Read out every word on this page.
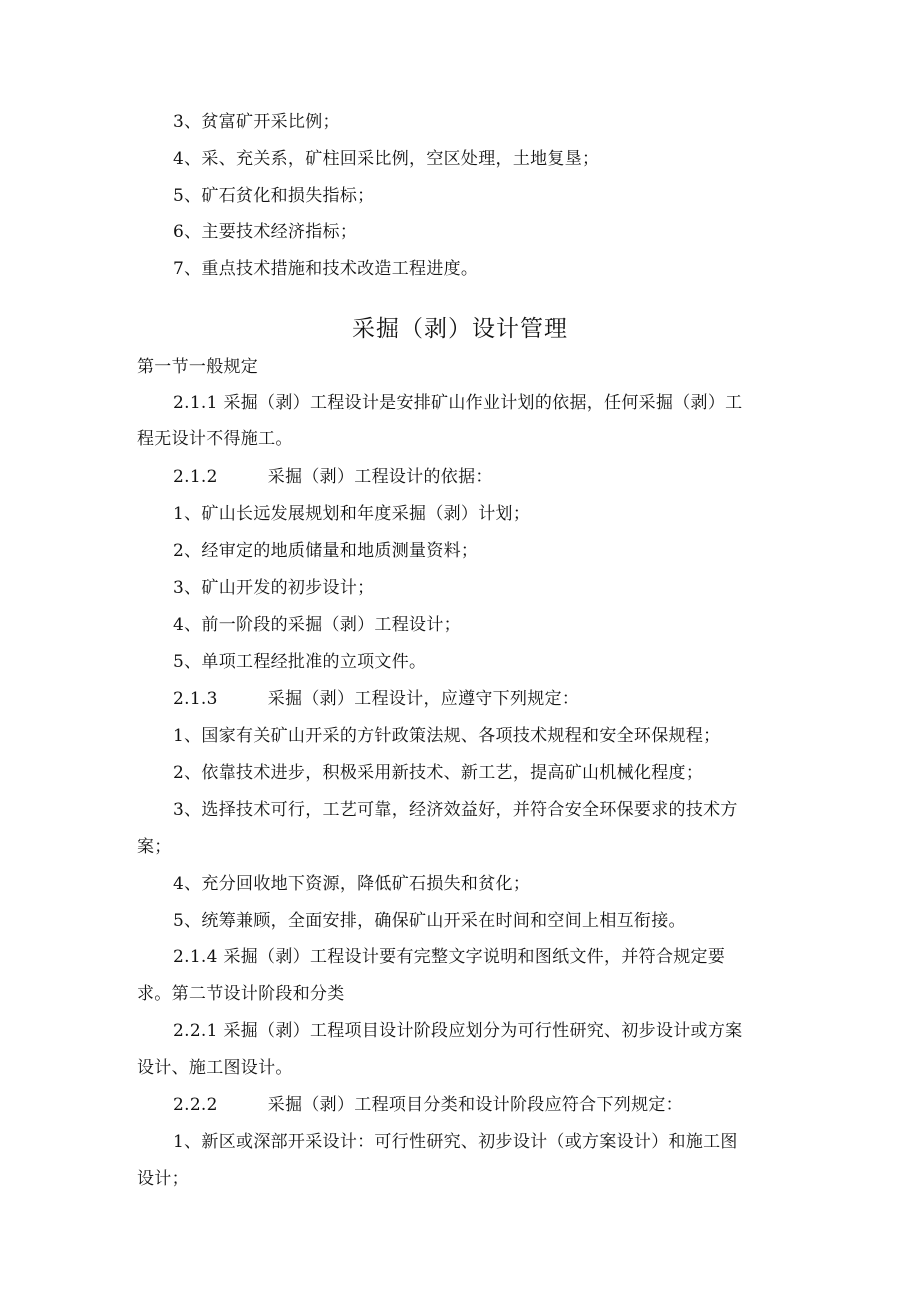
3、贫富矿开采比例；
4、采、充关系，矿柱回采比例，空区处理，土地复垦；
5、矿石贫化和损失指标；
6、主要技术经济指标；
7、重点技术措施和技术改造工程进度。
采掘（剥）设计管理
第一节一般规定
2.1.1 采掘（剥）工程设计是安排矿山作业计划的依据，任何采掘（剥）工
程无设计不得施工。
2.1.2	采掘（剥）工程设计的依据：
1、矿山长远发展规划和年度采掘（剥）计划；
2、经审定的地质储量和地质测量资料；
3、矿山开发的初步设计；
4、前一阶段的采掘（剥）工程设计；
5、单项工程经批准的立项文件。
2.1.3	采掘（剥）工程设计，应遵守下列规定：
1、国家有关矿山开采的方针政策法规、各项技术规程和安全环保规程；
2、依靠技术进步，积极采用新技术、新工艺，提高矿山机械化程度；
3、选择技术可行，工艺可靠，经济效益好，并符合安全环保要求的技术方
案；
4、充分回收地下资源，降低矿石损失和贫化；
5、统筹兼顾，全面安排，确保矿山开采在时间和空间上相互衔接。
2.1.4 采掘（剥）工程设计要有完整文字说明和图纸文件，并符合规定要
求。第二节设计阶段和分类
2.2.1 采掘（剥）工程项目设计阶段应划分为可行性研究、初步设计或方案
设计、施工图设计。
2.2.2	采掘（剥）工程项目分类和设计阶段应符合下列规定：
1、新区或深部开采设计：可行性研究、初步设计（或方案设计）和施工图
设计；
